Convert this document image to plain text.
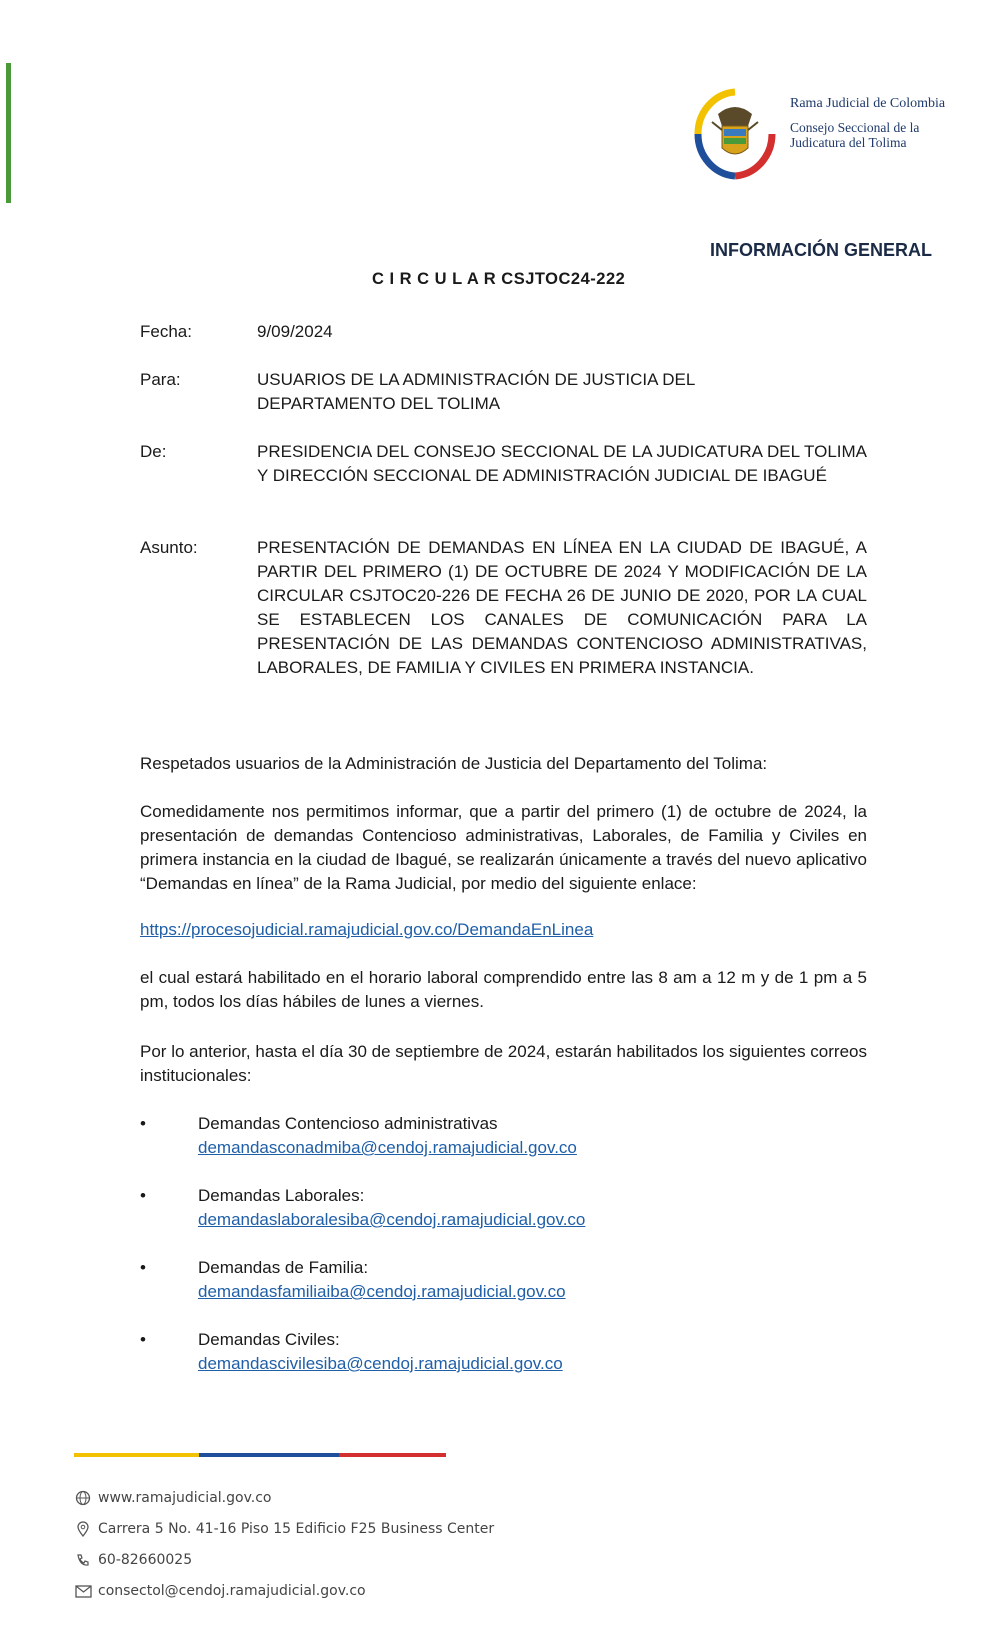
Rama Judicial de Colombia
Consejo Seccional de la Judicatura del Tolima
INFORMACIÓN GENERAL
C I R C U L A R CSJTOC24-222
Fecha:	9/09/2024
Para:	USUARIOS DE LA ADMINISTRACIÓN DE JUSTICIA DEL DEPARTAMENTO DEL TOLIMA
De:	PRESIDENCIA DEL CONSEJO SECCIONAL DE LA JUDICATURA DEL TOLIMA Y DIRECCIÓN SECCIONAL DE ADMINISTRACIÓN JUDICIAL DE IBAGUÉ
Asunto:	PRESENTACIÓN DE DEMANDAS EN LÍNEA EN LA CIUDAD DE IBAGUÉ, A PARTIR DEL PRIMERO (1) DE OCTUBRE DE 2024 Y MODIFICACIÓN DE LA CIRCULAR CSJTOC20-226 DE FECHA 26 DE JUNIO DE 2020, POR LA CUAL SE ESTABLECEN LOS CANALES DE COMUNICACIÓN PARA LA PRESENTACIÓN DE LAS DEMANDAS CONTENCIOSO ADMINISTRATIVAS, LABORALES, DE FAMILIA Y CIVILES EN PRIMERA INSTANCIA.
Respetados usuarios de la Administración de Justicia del Departamento del Tolima:
Comedidamente nos permitimos informar, que a partir del primero (1) de octubre de 2024, la presentación de demandas Contencioso administrativas, Laborales, de Familia y Civiles en primera instancia en la ciudad de Ibagué, se realizarán únicamente a través del nuevo aplicativo “Demandas en línea” de la Rama Judicial, por medio del siguiente enlace:
https://procesojudicial.ramajudicial.gov.co/DemandaEnLinea
el cual estará habilitado en el horario laboral comprendido entre las 8 am a 12 m y de 1 pm a 5 pm, todos los días hábiles de lunes a viernes.
Por lo anterior, hasta el día 30 de septiembre de 2024, estarán habilitados los siguientes correos institucionales:
•	Demandas Contencioso administrativas
demandasconadmiba@cendoj.ramajudicial.gov.co
•	Demandas Laborales:
demandaslaboralesiba@cendoj.ramajudicial.gov.co
•	Demandas de Familia:
demandasfamiliaiba@cendoj.ramajudicial.gov.co
•	Demandas Civiles:
demandascivilesiba@cendoj.ramajudicial.gov.co
www.ramajudicial.gov.co
Carrera 5 No. 41-16 Piso 15 Edificio F25 Business Center
60-82660025
consectol@cendoj.ramajudicial.gov.co
